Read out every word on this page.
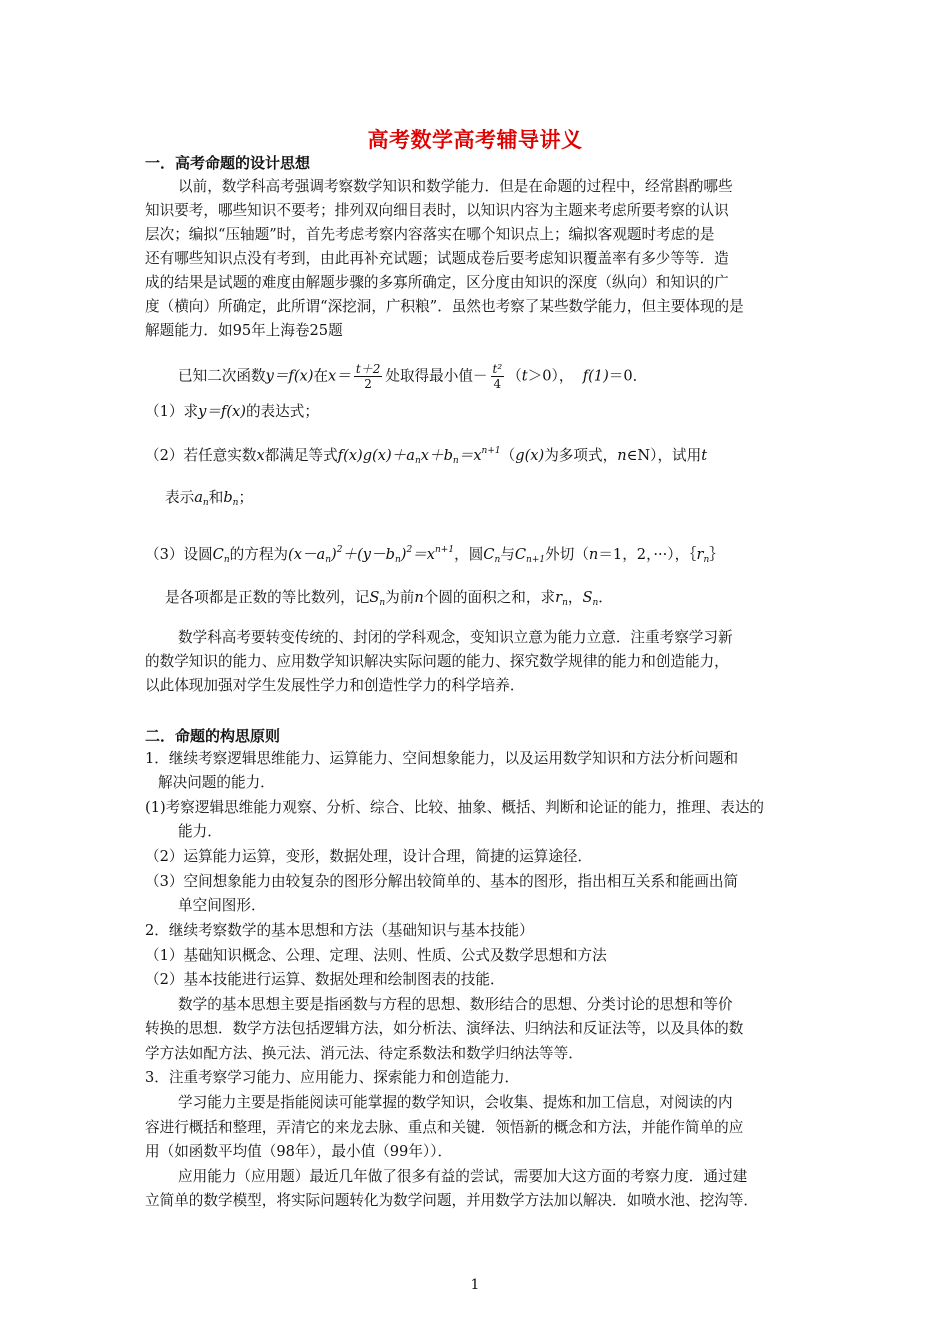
高考数学高考辅导讲义
一．高考命题的设计思想
以前，数学科高考强调考察数学知识和数学能力．但是在命题的过程中，经常斟酌哪些
知识要考，哪些知识不要考；排列双向细目表时，以知识内容为主题来考虑所要考察的认识
层次；编拟“压轴题”时，首先考虑考察内容落实在哪个知识点上；编拟客观题时考虑的是
还有哪些知识点没有考到，由此再补充试题；试题成卷后要考虑知识覆盖率有多少等等．造
成的结果是试题的难度由解题步骤的多寡所确定，区分度由知识的深度（纵向）和知识的广
度（横向）所确定，此所谓“深挖洞，广积粮”．虽然也考察了某些数学能力，但主要体现的是
解题能力．如95年上海卷25题
已知二次函数y＝f(x)在$x= \frac{t+2}{2}$ 处取得最小值－ $\frac{\text{t²}}{4} (t>0)$， f(1)＝0．
（1）求y＝f(x)的表达式；
（2）若任意实数x都满足等式$f(x)g(x)+a_nx+b_n=x^{n+1}(g(x)$为多项式，n∈N），试用t
表示$a_n$和$b_n$；
（3）设圆$C_n$的方程为$(x-a_n)^2+(y-b_n)^2=x^{n+1}$，圆$C_n$与$C_{n+1}$外切（n＝1，2，···），$\{r_n\}$
是各项都是正数的等比数列，记$S_n$为前n个圆的面积之和，求$r_n$，$S_n$．
数学科高考要转变传统的、封闭的学科观念，变知识立意为能力立意．注重考察学习新
的数学知识的能力、应用数学知识解决实际问题的能力、探究数学规律的能力和创造能力，
以此体现加强对学生发展性学力和创造性学力的科学培养．
二．命题的构思原则
1．继续考察逻辑思维能力、运算能力、空间想象能力，以及运用数学知识和方法分析问题和
解决问题的能力．
(1)考察逻辑思维能力观察、分析、综合、比较、抽象、概括、判断和论证的能力，推理、表达的
能力．
（2）运算能力运算，变形，数据处理，设计合理，简捷的运算途径．
（3）空间想象能力由较复杂的图形分解出较简单的、基本的图形，指出相互关系和能画出简
单空间图形．
2．继续考察数学的基本思想和方法（基础知识与基本技能）
（1）基础知识概念、公理、定理、法则、性质、公式及数学思想和方法
（2）基本技能进行运算、数据处理和绘制图表的技能．
数学的基本思想主要是指函数与方程的思想、数形结合的思想、分类讨论的思想和等价
转换的思想．数学方法包括逻辑方法，如分析法、演绎法、归纳法和反证法等，以及具体的数
学方法如配方法、换元法、消元法、待定系数法和数学归纳法等等．
3．注重考察学习能力、应用能力、探索能力和创造能力．
学习能力主要是指能阅读可能掌握的数学知识，会收集、提炼和加工信息，对阅读的内
容进行概括和整理，弄清它的来龙去脉、重点和关键．领悟新的概念和方法，并能作简单的应
用（如函数平均值（98年），最小值（99年））．
应用能力（应用题）最近几年做了很多有益的尝试，需要加大这方面的考察力度．通过建
立简单的数学模型，将实际问题转化为数学问题，并用数学方法加以解决．如喷水池、挖沟等．
1
